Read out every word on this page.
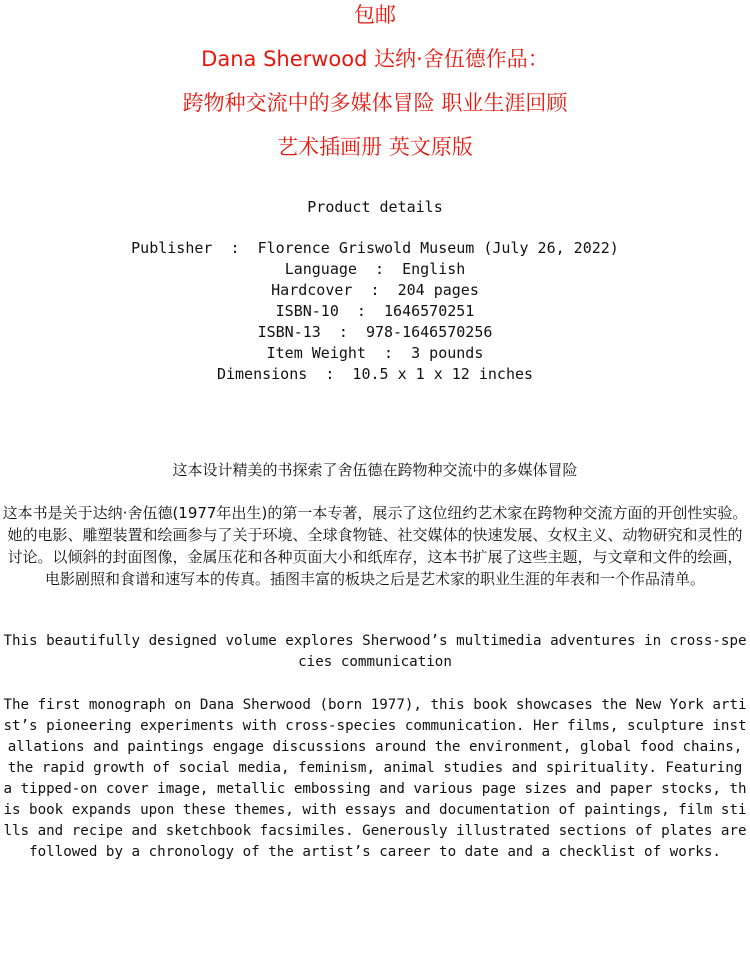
包邮
Dana Sherwood 达纳·舍伍德作品：
跨物种交流中的多媒体冒险 职业生涯回顾
艺术插画册 英文原版
Product details
Publisher  :  Florence Griswold Museum (July 26, 2022)
Language  :  English
Hardcover  :  204 pages
ISBN-10  :  1646570251
ISBN-13  :  978-1646570256
Item Weight  :  3 pounds
Dimensions  :  10.5 x 1 x 12 inches
这本设计精美的书探索了舍伍德在跨物种交流中的多媒体冒险
这本书是关于达纳·舍伍德(1977年出生)的第一本专著，展示了这位纽约艺术家在跨物种交流方面的开创性实验。她的电影、雕塑装置和绘画参与了关于环境、全球食物链、社交媒体的快速发展、女权主义、动物研究和灵性的讨论。以倾斜的封面图像，金属压花和各种页面大小和纸库存，这本书扩展了这些主题，与文章和文件的绘画，电影剧照和食谱和速写本的传真。插图丰富的板块之后是艺术家的职业生涯的年表和一个作品清单。
This beautifully designed volume explores Sherwood’s multimedia adventures in cross-species communication
The first monograph on Dana Sherwood (born 1977), this book showcases the New York artist’s pioneering experiments with cross-species communication. Her films, sculpture installations and paintings engage discussions around the environment, global food chains, the rapid growth of social media, feminism, animal studies and spirituality. Featuring a tipped-on cover image, metallic embossing and various page sizes and paper stocks, this book expands upon these themes, with essays and documentation of paintings, film stills and recipe and sketchbook facsimiles. Generously illustrated sections of plates are followed by a chronology of the artist’s career to date and a checklist of works.
